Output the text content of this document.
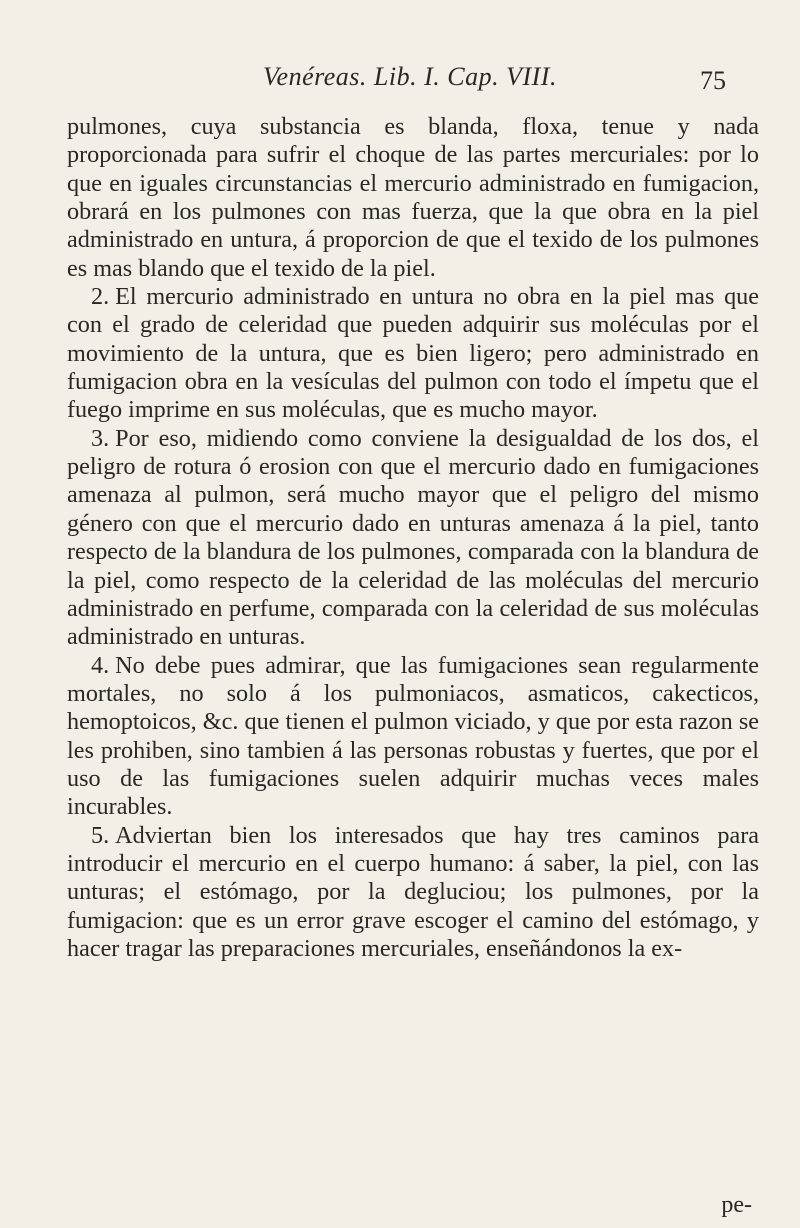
Venéreas. Lib. I. Cap. VIII.	75

pulmones, cuya substancia es blanda, floxa, tenue y nada proporcionada para sufrir el choque de las partes mercuriales: por lo que en iguales circunstancias el mercurio administrado en fumigacion, obrará en los pulmones con mas fuerza, que la que obra en la piel administrado en untura, á proporcion de que el texido de los pulmones es mas blando que el texido de la piel.

2. El mercurio administrado en untura no obra en la piel mas que con el grado de celeridad que pueden adquirir sus moléculas por el movimiento de la untura, que es bien ligero; pero administrado en fumigacion obra en la vesículas del pulmon con todo el ímpetu que el fuego imprime en sus moléculas, que es mucho mayor.

3. Por eso, midiendo como conviene la desigualdad de los dos, el peligro de rotura ó erosion con que el mercurio dado en fumigaciones amenaza al pulmon, será mucho mayor que el peligro del mismo género con que el mercurio dado en unturas amenaza á la piel, tanto respecto de la blandura de los pulmones, comparada con la blandura de la piel, como respecto de la celeridad de las moléculas del mercurio administrado en perfume, comparada con la celeridad de sus moléculas administrado en unturas.

4. No debe pues admirar, que las fumigaciones sean regularmente mortales, no solo á los pulmoniacos, asmaticos, cakecticos, hemoptoicos, &c. que tienen el pulmon viciado, y que por esta razon se les prohiben, sino tambien á las personas robustas y fuertes, que por el uso de las fumigaciones suelen adquirir muchas veces males incurables.

5. Adviertan bien los interesados que hay tres caminos para introducir el mercurio en el cuerpo humano: á saber, la piel, con las unturas; el estómago, por la degluciou; los pulmones, por la fumigacion: que es un error grave escoger el camino del estómago, y hacer tragar las preparaciones mercuriales, enseñándonos la ex-

pe-
